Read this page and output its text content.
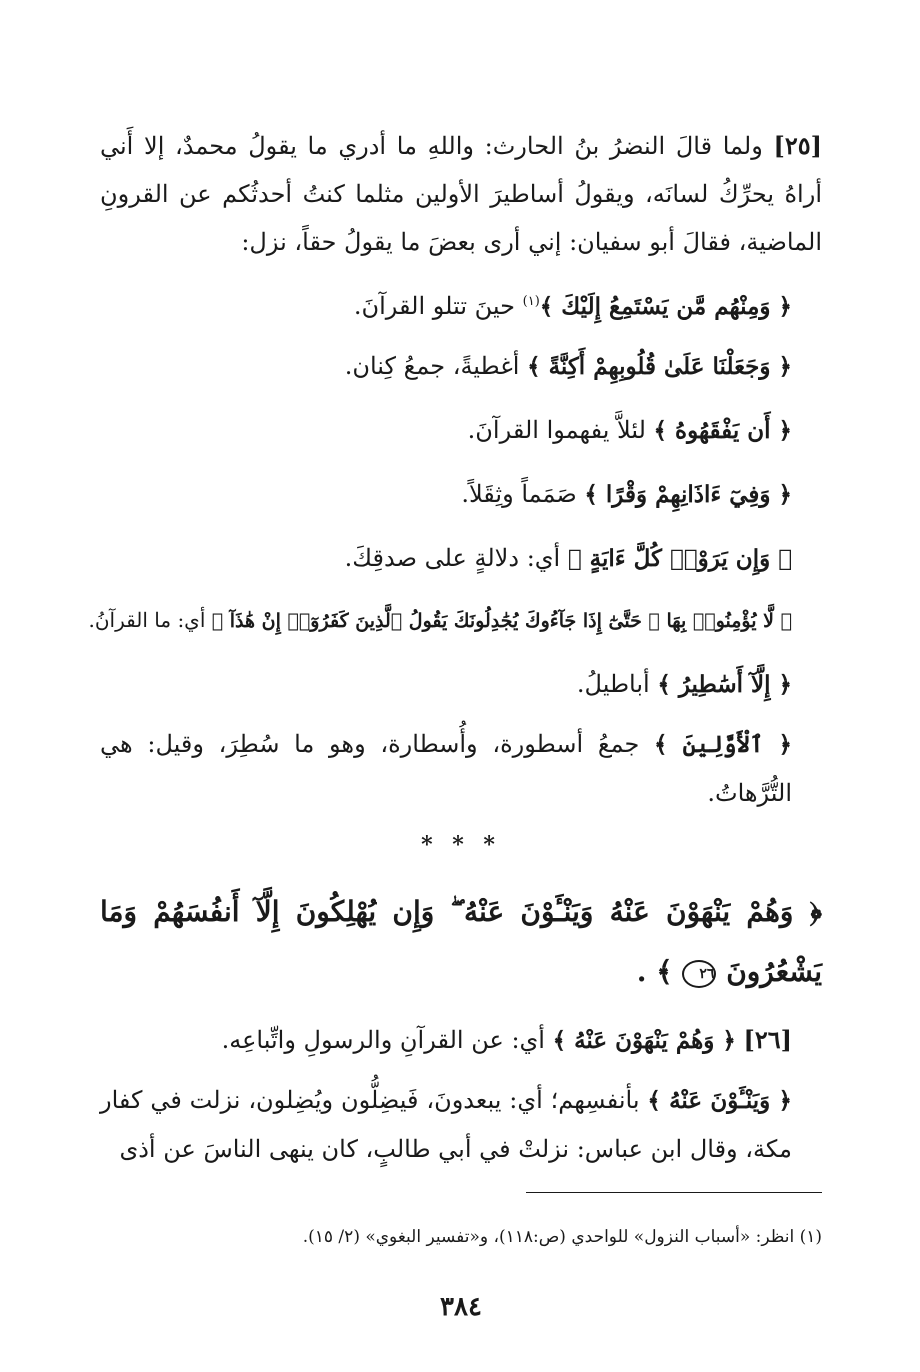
[٢٥] ولما قالَ النضرُ بنُ الحارث: واللهِ ما أدري ما يقولُ محمدٌ، إلا أَني أراهُ يحرِّكُ لسانَه، ويقولُ أساطيرَ الأولين مثلما كنتُ أحدثُكم عن القرونِ الماضية، فقالَ أبو سفيان: إني أرى بعضَ ما يقولُ حقاً، نزل:
﴿ وَمِنْهُم مَّن يَسْتَمِعُ إِلَيْكَ ﴾$^{(١)}$ حينَ تتلو القرآنَ.
﴿ وَجَعَلْنَا عَلَىٰ قُلُوبِهِمْ أَكِنَّةً ﴾ أغطيةً، جمعُ كِنان.
﴿ أَن يَفْقَهُوهُ ﴾ لئلاَّ يفهموا القرآنَ.
﴿ وَفِيٓ ءَاذَانِهِمْ وَقْرًا ﴾ صَمَماً وثِقَلاً.
﴿ وَإِن يَرَوْا۟ كُلَّ ءَايَةٍ ﴾ أي: دلالةٍ على صدقِكَ.
﴿ لَّا يُؤْمِنُوا۟ بِهَا ۚ حَتَّىٰٓ إِذَا جَآءُوكَ يُجَٰدِلُونَكَ يَقُولُ ٱلَّذِينَ كَفَرُوٓا۟ إِنْ هَٰذَآ ﴾ أي: ما القرآنُ.
﴿ إِلَّآ أَسَٰطِيرُ ﴾ أباطيلُ.
﴿ ٱلْأَوَّلِينَ ﴾ جمعُ أسطورة، وأُسطارة، وهو ما سُطِرَ، وقيل: هي التُّرَّهاتُ.
* * *
﴿ وَهُمْ يَنْهَوْنَ عَنْهُ وَيَنْـَٔوْنَ عَنْهُ ۖ وَإِن يُهْلِكُونَ إِلَّآ أَنفُسَهُمْ وَمَا يَشْعُرُونَ ٢٦ ﴾ .
[٢٦] ﴿ وَهُمْ يَنْهَوْنَ عَنْهُ ﴾ أي: عن القرآنِ والرسولِ واتِّباعِه.
﴿ وَيَنْـَٔوْنَ عَنْهُ ﴾ بأنفسِهم؛ أي: يبعدونَ، فَيضِلُّون ويُضِلون، نزلت في كفار مكة، وقال ابن عباس: نزلتْ في أبي طالبٍ، كان ينهى الناسَ عن أذى
(١) انظر: «أسباب النزول» للواحدي (ص:١١٨)، و«تفسير البغوي» (٢/ ١٥).
٣٨٤
